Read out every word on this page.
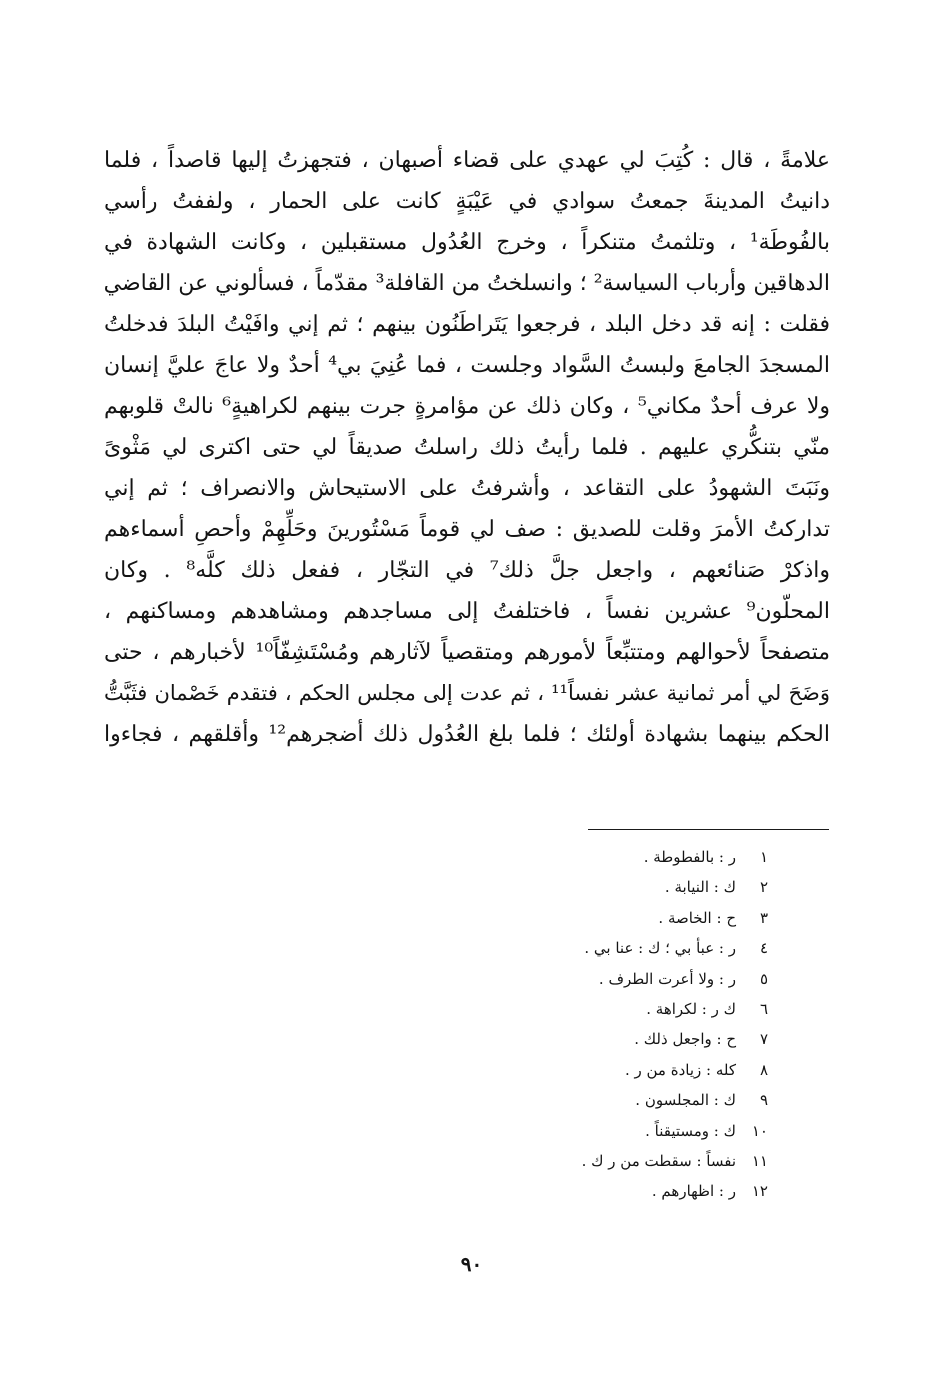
علامةً ، قال : كُتِبَ لي عهدي على قضاء أصبهان ، فتجهزتُ إليها قاصداً ، فلما
دانيتُ المدينةَ جمعتُ سوادي في عَيْبَةٍ كانت على الحمار ، ولففتُ رأسي
بالفُوطَة¹ ، وتلثمتُ متنكراً ، وخرج العُدُول مستقبلين ، وكانت الشهادة في
الدهاقين وأرباب السياسة² ؛ وانسلختُ من القافلة³ مقدّماً ، فسألوني عن القاضي
فقلت : إنه قد دخل البلد ، فرجعوا يَتَراطَنُون بينهم ؛ ثم إني وافَيْتُ البلدَ فدخلتُ
المسجدَ الجامعَ ولبستُ السَّواد وجلست ، فما عُنِيَ بي⁴ أحدٌ ولا عاجَ عليَّ إنسان
ولا عرف أحدٌ مكاني⁵ ، وكان ذلك عن مؤامرةٍ جرت بينهم لكراهيةٍ⁶ نالتْ قلوبهم
منّي بتنكُّري عليهم . فلما رأيتُ ذلك راسلتُ صديقاً لي حتى اكترى لي مَثْوىً
ونَبَتَ الشهودُ على التقاعد ، وأشرفتُ على الاستيحاش والانصراف ؛ ثم إني
تداركتُ الأمرَ وقلت للصديق : صف لي قوماً مَسْتُورينَ وحَلِّهِمْ وأحصِ أسماءهم
واذكرْ صَنائعهم ، واجعل جلَّ ذلك⁷ في التجّار ، ففعل ذلك كلَّه⁸ . وكان
المحلّون⁹ عشرين نفساً ، فاختلفتُ إلى مساجدهم ومشاهدهم ومساكنهم ،
متصفحاً لأحوالهم ومتتبِّعاً لأمورهم ومتقصياً لآثارهم ومُسْتَشِفّاً¹⁰ لأخبارهم ، حتى
وَضَحَ لي أمر ثمانية عشر نفساً¹¹ ، ثم عدت إلى مجلس الحكم ، فتقدم خَصْمان فثَبَّتُّ
الحكم بينهما بشهادة أولئك ؛ فلما بلغ العُدُول ذلك أضجرهم¹² وأقلقهم ، فجاءوا
١ر : بالفطوطة .
٢ك : النيابة .
٣ح : الخاصة .
٤ر : عبأ بي ؛ ك : عنا بي .
٥ر : ولا أعرت الطرف .
٦ك ر : لكراهة .
٧ح : واجعل ذلك .
٨كله : زيادة من ر .
٩ك : المجلسون .
١٠ك : ومستيقناً .
١١نفساً : سقطت من ر ك .
١٢ر : اظهارهم .
٩٠
